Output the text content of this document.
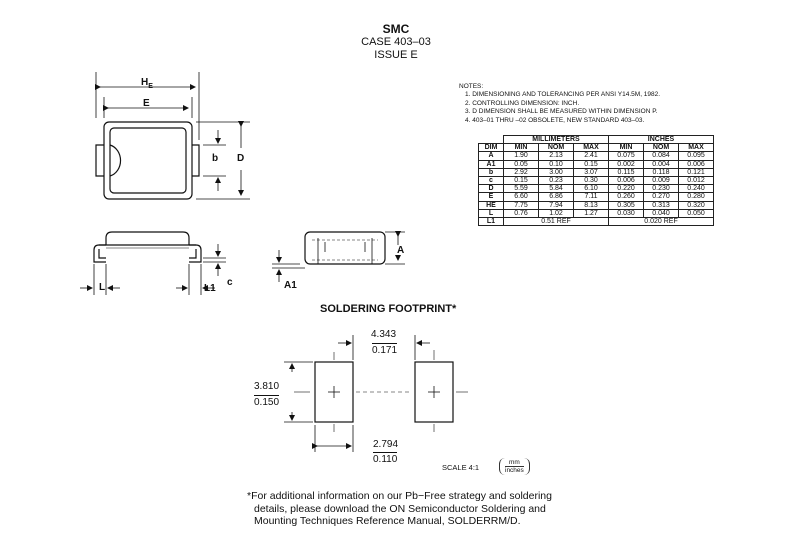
SMC
CASE 403–03
ISSUE E
NOTES:
1. DIMENSIONING AND TOLERANCING PER ANSI Y14.5M, 1982.
2. CONTROLLING DIMENSION: INCH.
3. D DIMENSION SHALL BE MEASURED WITHIN DIMENSION P.
4. 403–01 THRU –02 OBSOLETE, NEW STANDARD 403–03.
	MILLIMETERS			INCHES		
DIM	MIN	NOM	MAX	MIN	NOM	MAX
A	1.90	2.13	2.41	0.075	0.084	0.095
A1	0.05	0.10	0.15	0.002	0.004	0.006
b	2.92	3.00	3.07	0.115	0.118	0.121
c	0.15	0.23	0.30	0.006	0.009	0.012
D	5.59	5.84	6.10	0.220	0.230	0.240
E	6.60	6.86	7.11	0.260	0.270	0.280
HE	7.75	7.94	8.13	0.305	0.313	0.320
L	0.76	1.02	1.27	0.030	0.040	0.050
L1	0.51 REF			0.020 REF		
$H_E$
E
b D
A
A1
L	L1
c
SOLDERING FOOTPRINT*
4.343
0.171
3.810
0.150
2.794
0.110
SCALE 4:1
mm
inches
*For additional information on our Pb−Free strategy and soldering
details, please download the ON Semiconductor Soldering and
Mounting Techniques Reference Manual, SOLDERRM/D.
